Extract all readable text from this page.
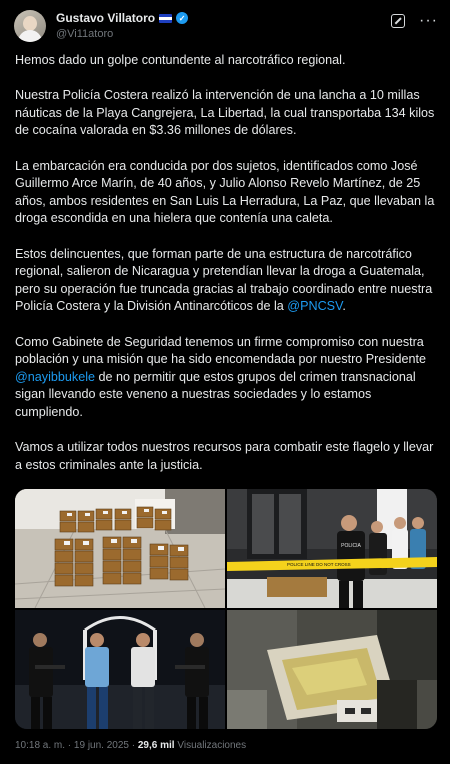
Gustavo Villatoro	✓
@Vi11atoro
···

Hemos dado un golpe contundente al narcotráfico regional.

Nuestra Policía Costera realizó la intervención de una lancha a 10 millas náuticas de la Playa Cangrejera, La Libertad, la cual transportaba 134 kilos de cocaína valorada en $3.36 millones de dólares.

La embarcación era conducida por dos sujetos, identificados como José Guillermo Arce Marín, de 40 años, y Julio Alonso Revelo Martínez, de 25 años, ambos residentes en San Luis La Herradura, La Paz, que llevaban la droga escondida en una hielera que contenía una caleta.

Estos delincuentes, que forman parte de una estructura de narcotráfico regional, salieron de Nicaragua y pretendían llevar la droga a Guatemala, pero su operación fue truncada gracias al trabajo coordinado entre nuestra Policía Costera y la División Antinarcóticos de la @PNCSV.

Como Gabinete de Seguridad tenemos un firme compromiso con nuestra población y una misión que ha sido encomendada por nuestro Presidente @nayibbukele de no permitir que estos grupos del crimen transnacional sigan llevando este veneno a nuestras sociedades y lo estamos cumpliendo.

Vamos a utilizar todos nuestros recursos para combatir este flagelo y llevar a estos criminales ante la justicia.

POLICIA
POLICE LINE DO NOT CROSS
10:18 a. m. · 19 jun. 2025 · 29,6 mil Visualizaciones
